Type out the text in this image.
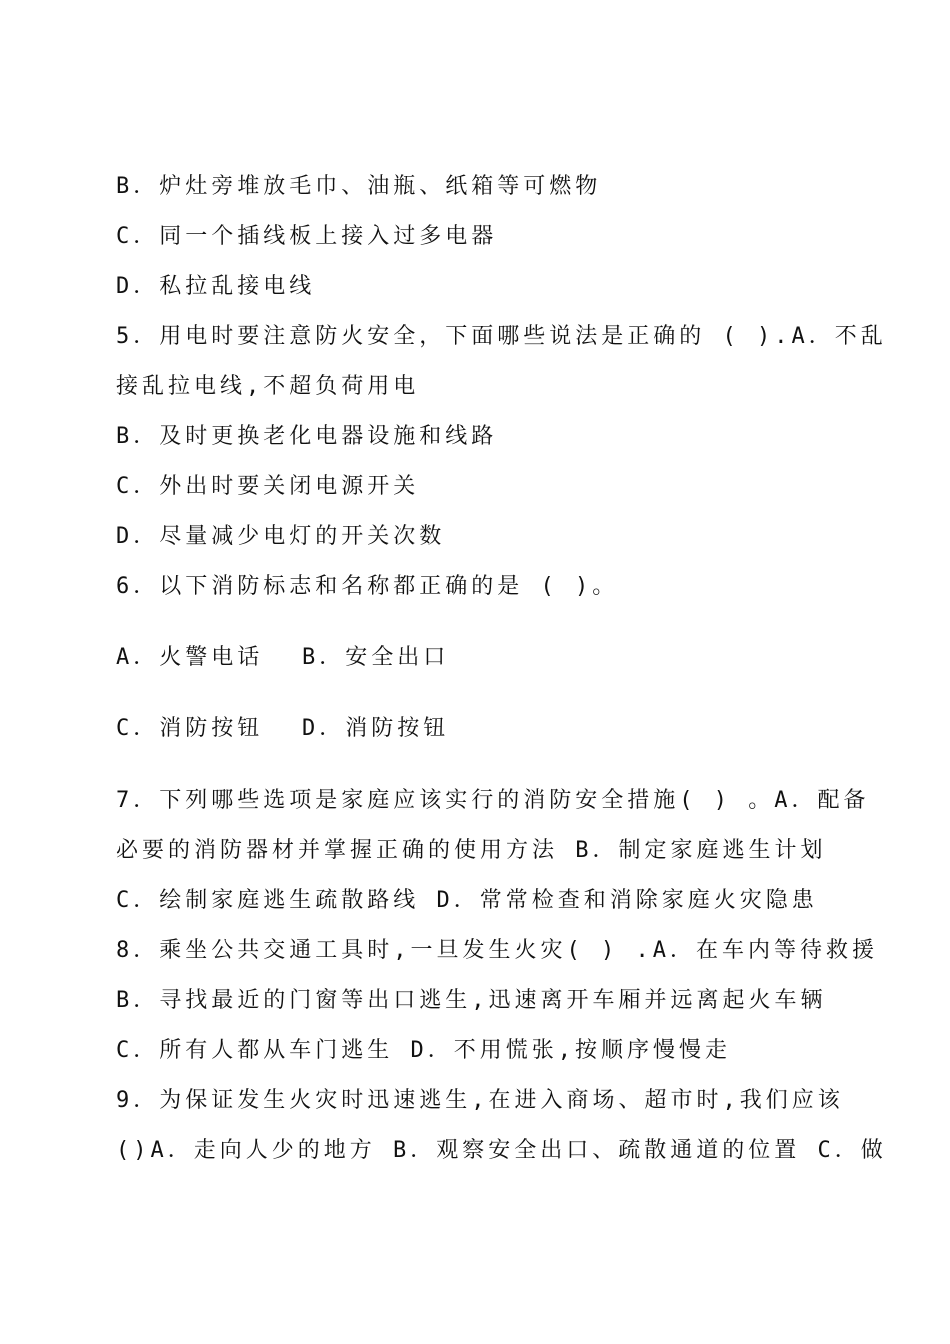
B．炉灶旁堆放毛巾、油瓶、纸箱等可燃物
C．同一个插线板上接入过多电器
D．私拉乱接电线
5．用电时要注意防火安全，下面哪些说法是正确的 ( ).A．不乱
接乱拉电线,不超负荷用电
B．及时更换老化电器设施和线路
C．外出时要关闭电源开关
D．尽量减少电灯的开关次数
6．以下消防标志和名称都正确的是 ( )。
A．火警电话 B．安全出口
C．消防按钮 D．消防按钮
7．下列哪些选项是家庭应该实行的消防安全措施( ) 。A．配备
必要的消防器材并掌握正确的使用方法 B．制定家庭逃生计划
C．绘制家庭逃生疏散路线 D．常常检查和消除家庭火灾隐患
8．乘坐公共交通工具时,一旦发生火灾( ) .A．在车内等待救援
B．寻找最近的门窗等出口逃生,迅速离开车厢并远离起火车辆
C．所有人都从车门逃生 D．不用慌张,按顺序慢慢走
9．为保证发生火灾时迅速逃生,在进入商场、超市时,我们应该
()A．走向人少的地方 B．观察安全出口、疏散通道的位置 C．做
